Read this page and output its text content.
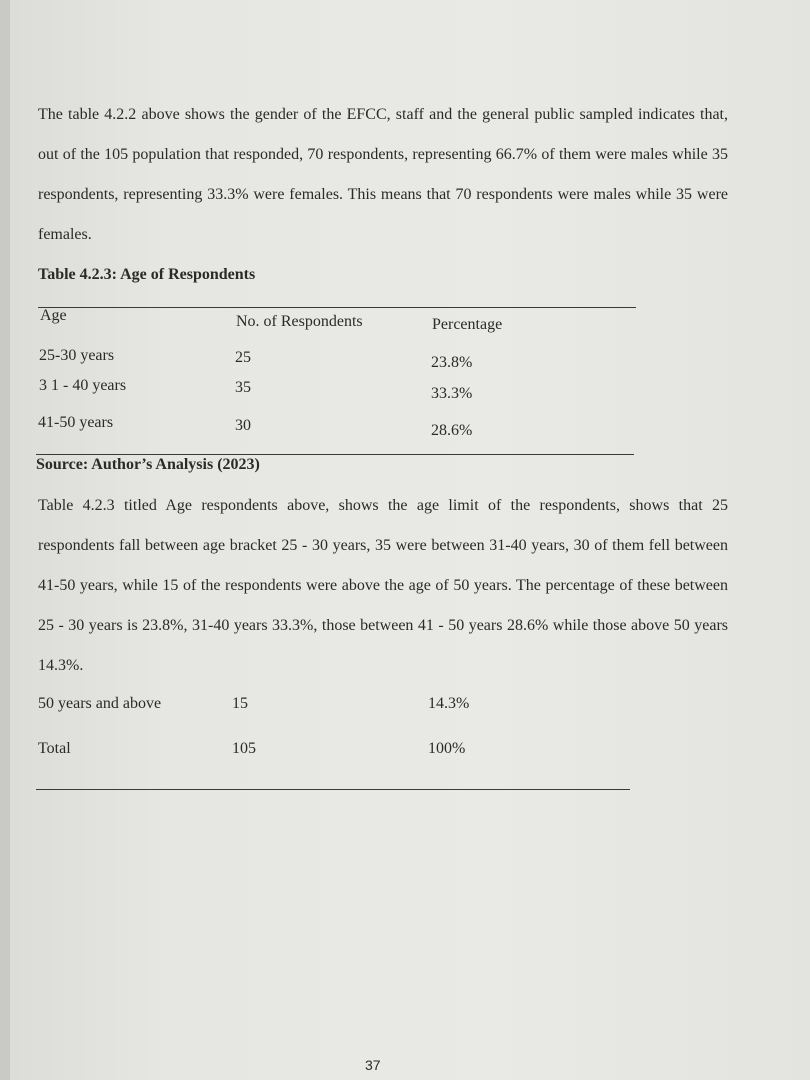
The table 4.2.2 above shows the gender of the EFCC, staff and the general public sampled indicates that, out of the 105 population that responded, 70 respondents, representing 66.7% of them were males while 35 respondents, representing 33.3% were females. This means that 70 respondents were males while 35 were females.

Table 4.2.3: Age of Respondents

Age	No. of Respondents	Percentage
25-30 years	25	23.8%
3 1 - 40 years	35	33.3%
41-50 years	30	28.6%

Source: Author’s Analysis (2023)

Table 4.2.3 titled Age respondents above, shows the age limit of the respondents, shows that 25 respondents fall between age bracket 25 - 30 years, 35 were between 31-40 years, 30 of them fell between 41-50 years, while 15 of the respondents were above the age of 50 years. The percentage of these between 25 - 30 years is 23.8%, 31-40 years 33.3%, those between 41 - 50 years 28.6% while those above 50 years 14.3%.

50 years and above	15	14.3%
Total	105	100%
37
